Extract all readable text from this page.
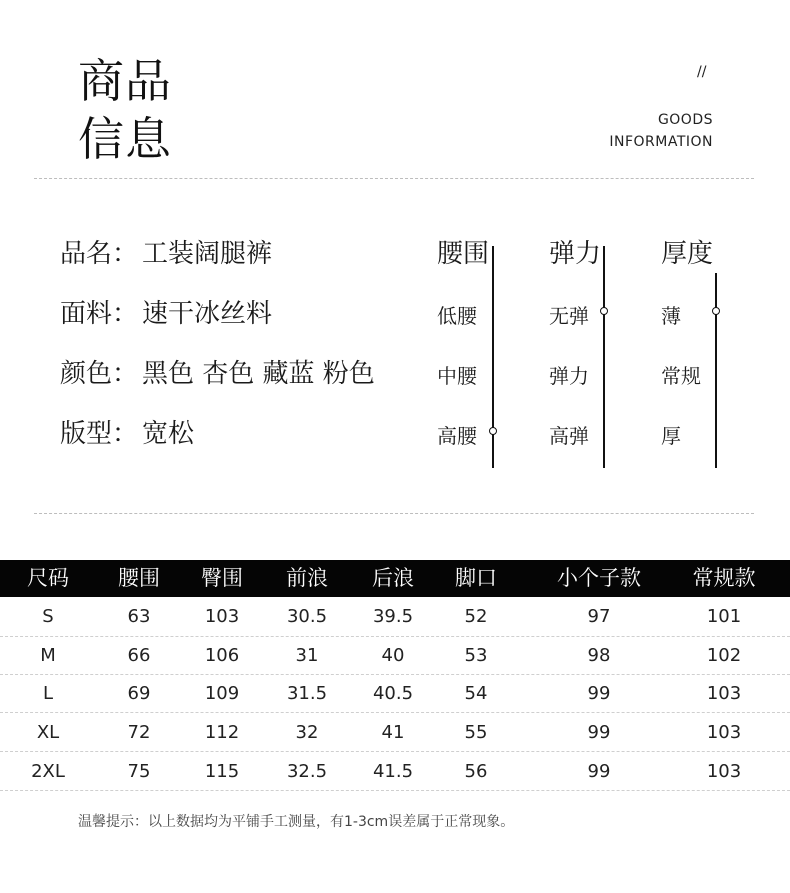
商品
信息
//
GOODS
INFORMATION
品名： 工装阔腿裤
面料： 速干冰丝料
颜色： 黑色 杏色 藏蓝 粉色
版型： 宽松
腰围
低腰
中腰
高腰
弹力
无弹
弹力
高弹
厚度
薄
常规
厚
尺码 腰围 臀围 前浪 后浪 脚口	小个子款 常规款
S	63	103	30.5	39.5	52	97	101
M	66	106	31	40	53	98	102
L	69	109	31.5	40.5	54	99	103
XL	72	112	32	41	55	99	103
2XL	75	115	32.5	41.5	56	99	103
温馨提示：以上数据均为平铺手工测量，有1-3cm误差属于正常现象。
